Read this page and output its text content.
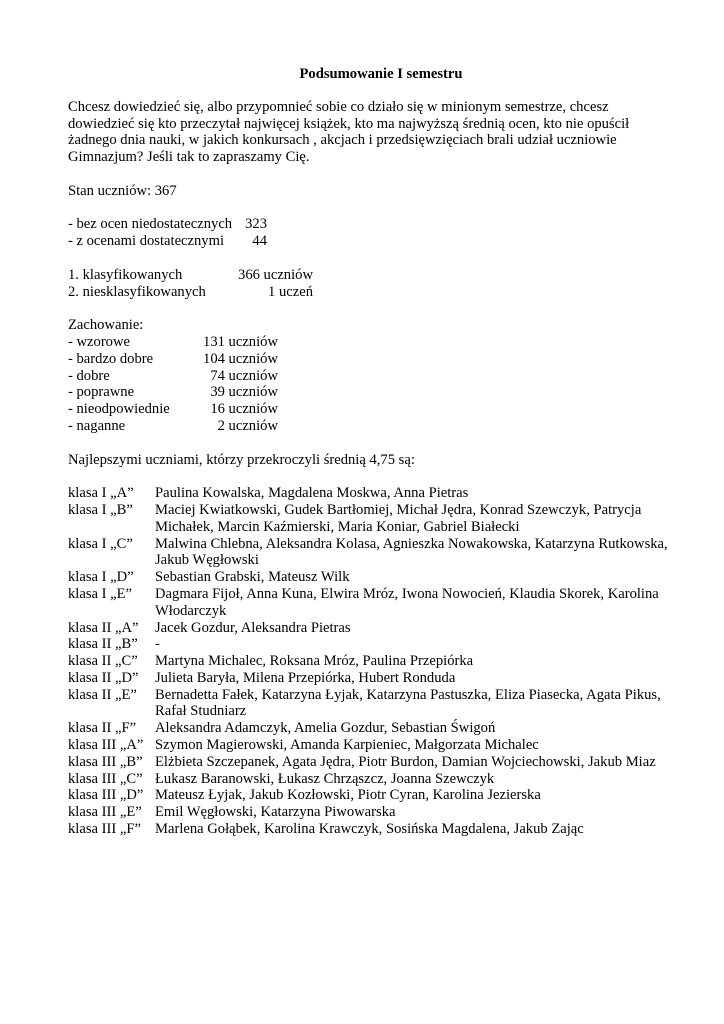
Podsumowanie I semestru

Chcesz dowiedzieć się, albo przypomnieć sobie co działo się w minionym semestrze, chcesz dowiedzieć się kto przeczytał najwięcej książek, kto ma najwyższą średnią ocen, kto nie opuścił żadnego dnia nauki, w jakich konkursach , akcjach i przedsięwzięciach brali udział uczniowie Gimnazjum? Jeśli tak to zapraszamy Cię.

Stan uczniów: 367
- bez ocen niedostatecznych 323
- z ocenami dostatecznymi	44
1. klasyfikowanych	366 uczniów
2. niesklasyfikowanych	1 uczeń
Zachowanie:
- wzorowe	131 uczniów
- bardzo dobre	104 uczniów
- dobre	74 uczniów
- poprawne	39 uczniów
- nieodpowiednie	16 uczniów
- naganne	2 uczniów
Najlepszymi uczniami, którzy przekroczyli średnią 4,75 są:
klasa I „A”	Paulina Kowalska, Magdalena Moskwa, Anna Pietras
klasa I „B”	Maciej Kwiatkowski, Gudek Bartłomiej, Michał Jędra, Konrad Szewczyk, Patrycja Michałek, Marcin Kaźmierski, Maria Koniar, Gabriel Białecki
klasa I „C”	Malwina Chlebna, Aleksandra Kolasa, Agnieszka Nowakowska, Katarzyna Rutkowska, Jakub Węgłowski
klasa I „D”	Sebastian Grabski, Mateusz Wilk
klasa I „E”	Dagmara Fijoł, Anna Kuna, Elwira Mróz, Iwona Nowocień, Klaudia Skorek, Karolina Włodarczyk
klasa II „A”	Jacek Gozdur, Aleksandra Pietras
klasa II „B”	-
klasa II „C”	Martyna Michalec, Roksana Mróz, Paulina Przepiórka
klasa II „D”	Julieta Baryła, Milena Przepiórka, Hubert Ronduda
klasa II „E”	Bernadetta Fałek, Katarzyna Łyjak, Katarzyna Pastuszka, Eliza Piasecka, Agata Pikus, Rafał Studniarz
klasa II „F”	Aleksandra Adamczyk, Amelia Gozdur, Sebastian Świgoń
klasa III „A” Szymon Magierowski, Amanda Karpieniec, Małgorzata Michalec
klasa III „B” Elżbieta Szczepanek, Agata Jędra, Piotr Burdon, Damian Wojciechowski, Jakub Miaz
klasa III „C” Łukasz Baranowski, Łukasz Chrząszcz, Joanna Szewczyk
klasa III „D” Mateusz Łyjak, Jakub Kozłowski, Piotr Cyran, Karolina Jezierska
klasa III „E” Emil Węgłowski, Katarzyna Piwowarska
klasa III „F” Marlena Gołąbek, Karolina Krawczyk, Sosińska Magdalena, Jakub Zając
